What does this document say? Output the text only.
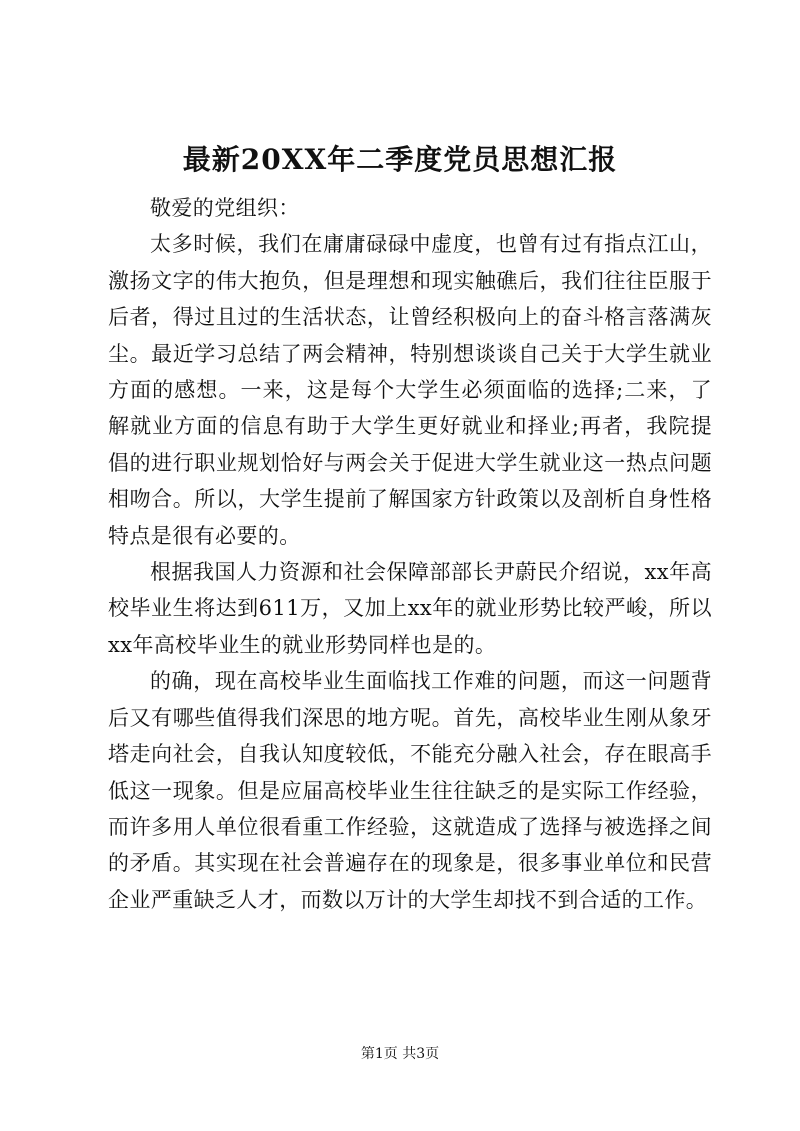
最新20XX年二季度党员思想汇报

敬爱的党组织：

太多时候，我们在庸庸碌碌中虚度，也曾有过有指点江山，激扬文字的伟大抱负，但是理想和现实触礁后，我们往往臣服于后者，得过且过的生活状态，让曾经积极向上的奋斗格言落满灰尘。最近学习总结了两会精神，特别想谈谈自己关于大学生就业方面的感想。一来，这是每个大学生必须面临的选择;二来，了解就业方面的信息有助于大学生更好就业和择业;再者，我院提倡的进行职业规划恰好与两会关于促进大学生就业这一热点问题相吻合。所以，大学生提前了解国家方针政策以及剖析自身性格特点是很有必要的。

根据我国人力资源和社会保障部部长尹蔚民介绍说，xx年高校毕业生将达到611万，又加上xx年的就业形势比较严峻，所以xx年高校毕业生的就业形势同样也是的。

的确，现在高校毕业生面临找工作难的问题，而这一问题背后又有哪些值得我们深思的地方呢。首先，高校毕业生刚从象牙塔走向社会，自我认知度较低，不能充分融入社会，存在眼高手低这一现象。但是应届高校毕业生往往缺乏的是实际工作经验，而许多用人单位很看重工作经验，这就造成了选择与被选择之间的矛盾。其实现在社会普遍存在的现象是，很多事业单位和民营企业严重缺乏人才，而数以万计的大学生却找不到合适的工作。

第1页 共3页
